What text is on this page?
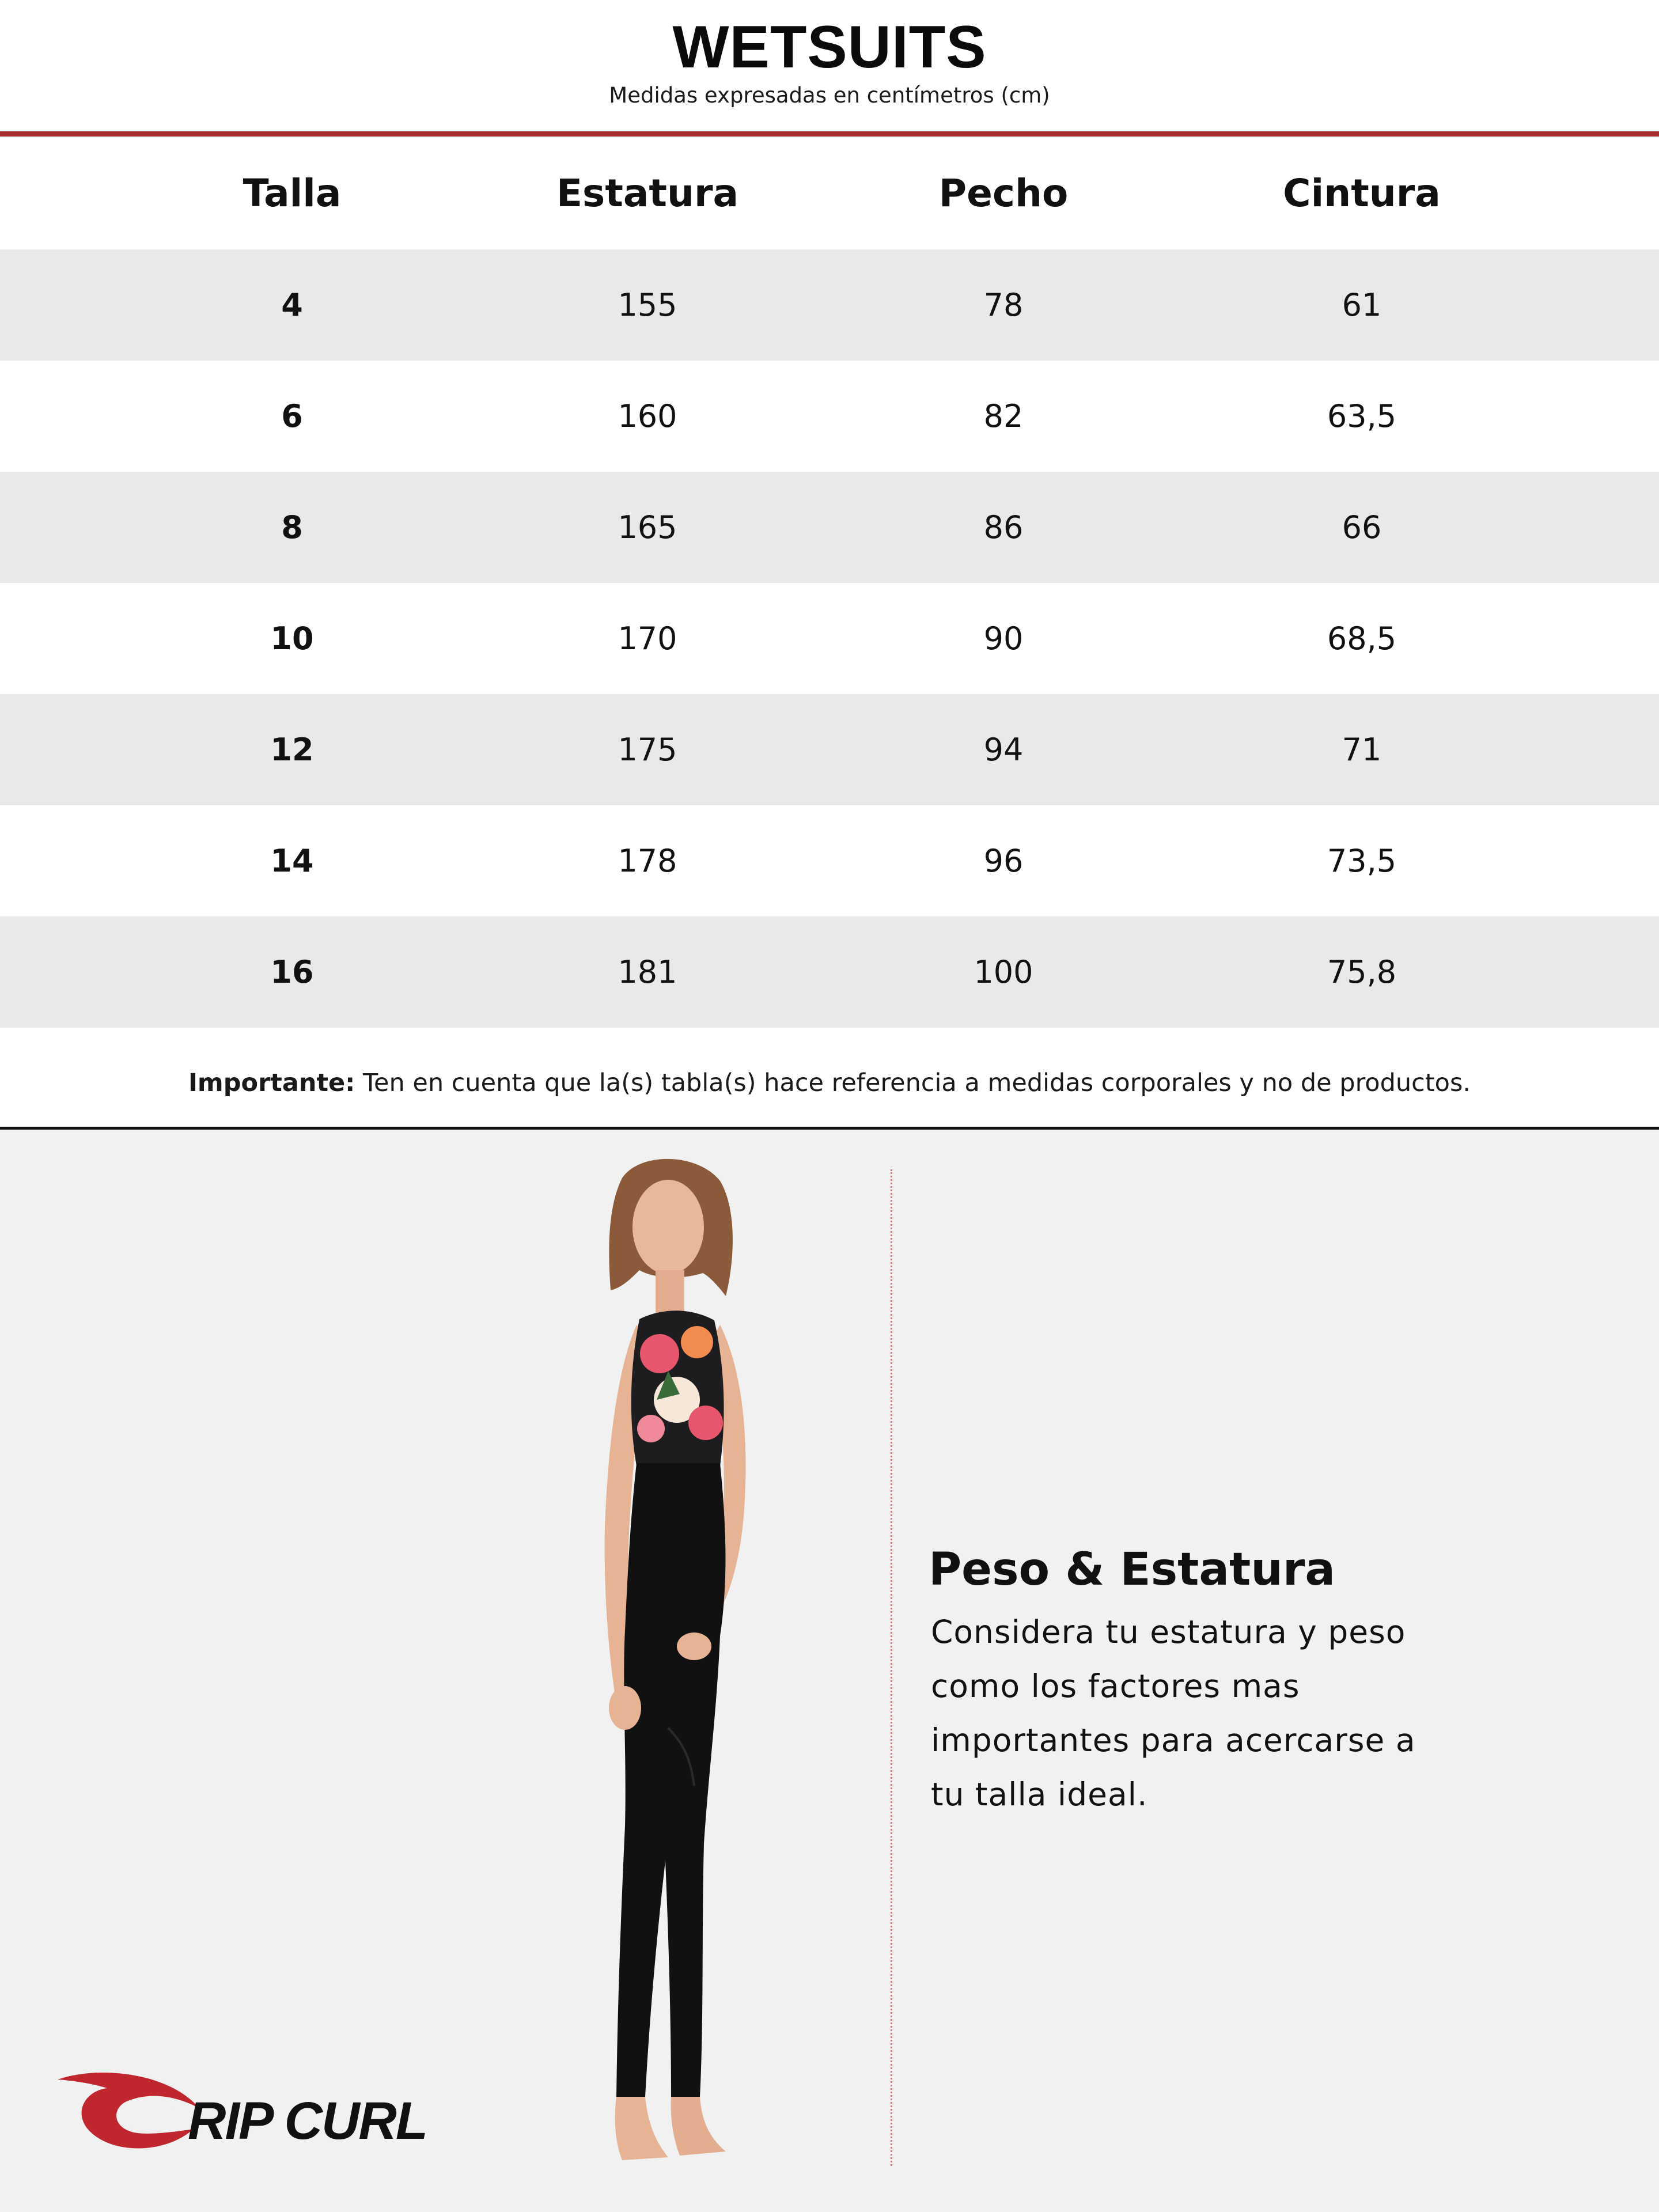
WETSUITS
Medidas expresadas en centímetros (cm)
Talla	Estatura	Pecho	Cintura
4	155	78	61
6	160	82	63,5
8	165	86	66
10	170	90	68,5
12	175	94	71
14	178	96	73,5
16	181	100	75,8
Importante: Ten en cuenta que la(s) tabla(s) hace referencia a medidas corporales y no de productos.
Peso & Estatura
Considera tu estatura y peso
como los factores mas
importantes para acercarse a
tu talla ideal.
RIP CURL
